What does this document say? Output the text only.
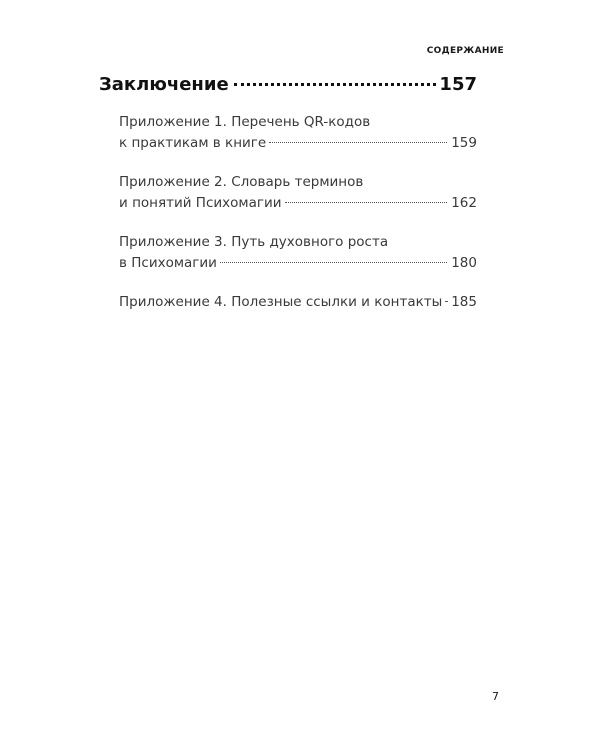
СОДЕРЖАНИЕ
Заключение	157
Приложение 1. Перечень QR-кодов
к практикам в книге	159
Приложение 2. Словарь терминов
и понятий Психомагии	162
Приложение 3. Путь духовного роста
в Психомагии	180
Приложение 4. Полезные ссылки и контакты 185
7
